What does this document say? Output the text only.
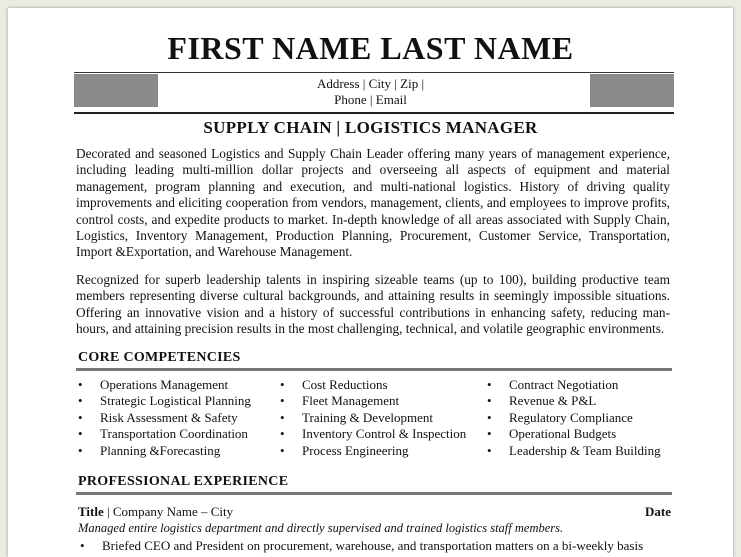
FIRST NAME LAST NAME
Address | City | Zip |
Phone | Email
SUPPLY CHAIN | LOGISTICS MANAGER

Decorated and seasoned Logistics and Supply Chain Leader offering many years of management experience, including leading multi-million dollar projects and overseeing all aspects of equipment and material management, program planning and execution, and multi-national logistics. History of driving quality improvements and eliciting cooperation from vendors, management, clients, and employees to improve profits, control costs, and expedite products to market. In-depth knowledge of all areas associated with Supply Chain, Logistics, Inventory Management, Production Planning, Procurement, Customer Service, Transportation, Import &Exportation, and Warehouse Management.

Recognized for superb leadership talents in inspiring sizeable teams (up to 100), building productive team members representing diverse cultural backgrounds, and attaining results in seemingly impossible situations. Offering an innovative vision and a history of successful contributions in enhancing safety, reducing man-hours, and attaining precision results in the most challenging, technical, and volatile geographic environments.

CORE COMPETENCIES
• Operations Management
• Strategic Logistical Planning
• Risk Assessment & Safety
• Transportation Coordination
• Planning &Forecasting
• Cost Reductions
• Fleet Management
• Training & Development
• Inventory Control & Inspection
• Process Engineering
• Contract Negotiation
• Revenue & P&L
• Regulatory Compliance
• Operational Budgets
• Leadership & Team Building
PROFESSIONAL EXPERIENCE
Title | Company Name – City	Date
Managed entire logistics department and directly supervised and trained logistics staff members.
• Briefed CEO and President on procurement, warehouse, and transportation matters on a bi-weekly basis
